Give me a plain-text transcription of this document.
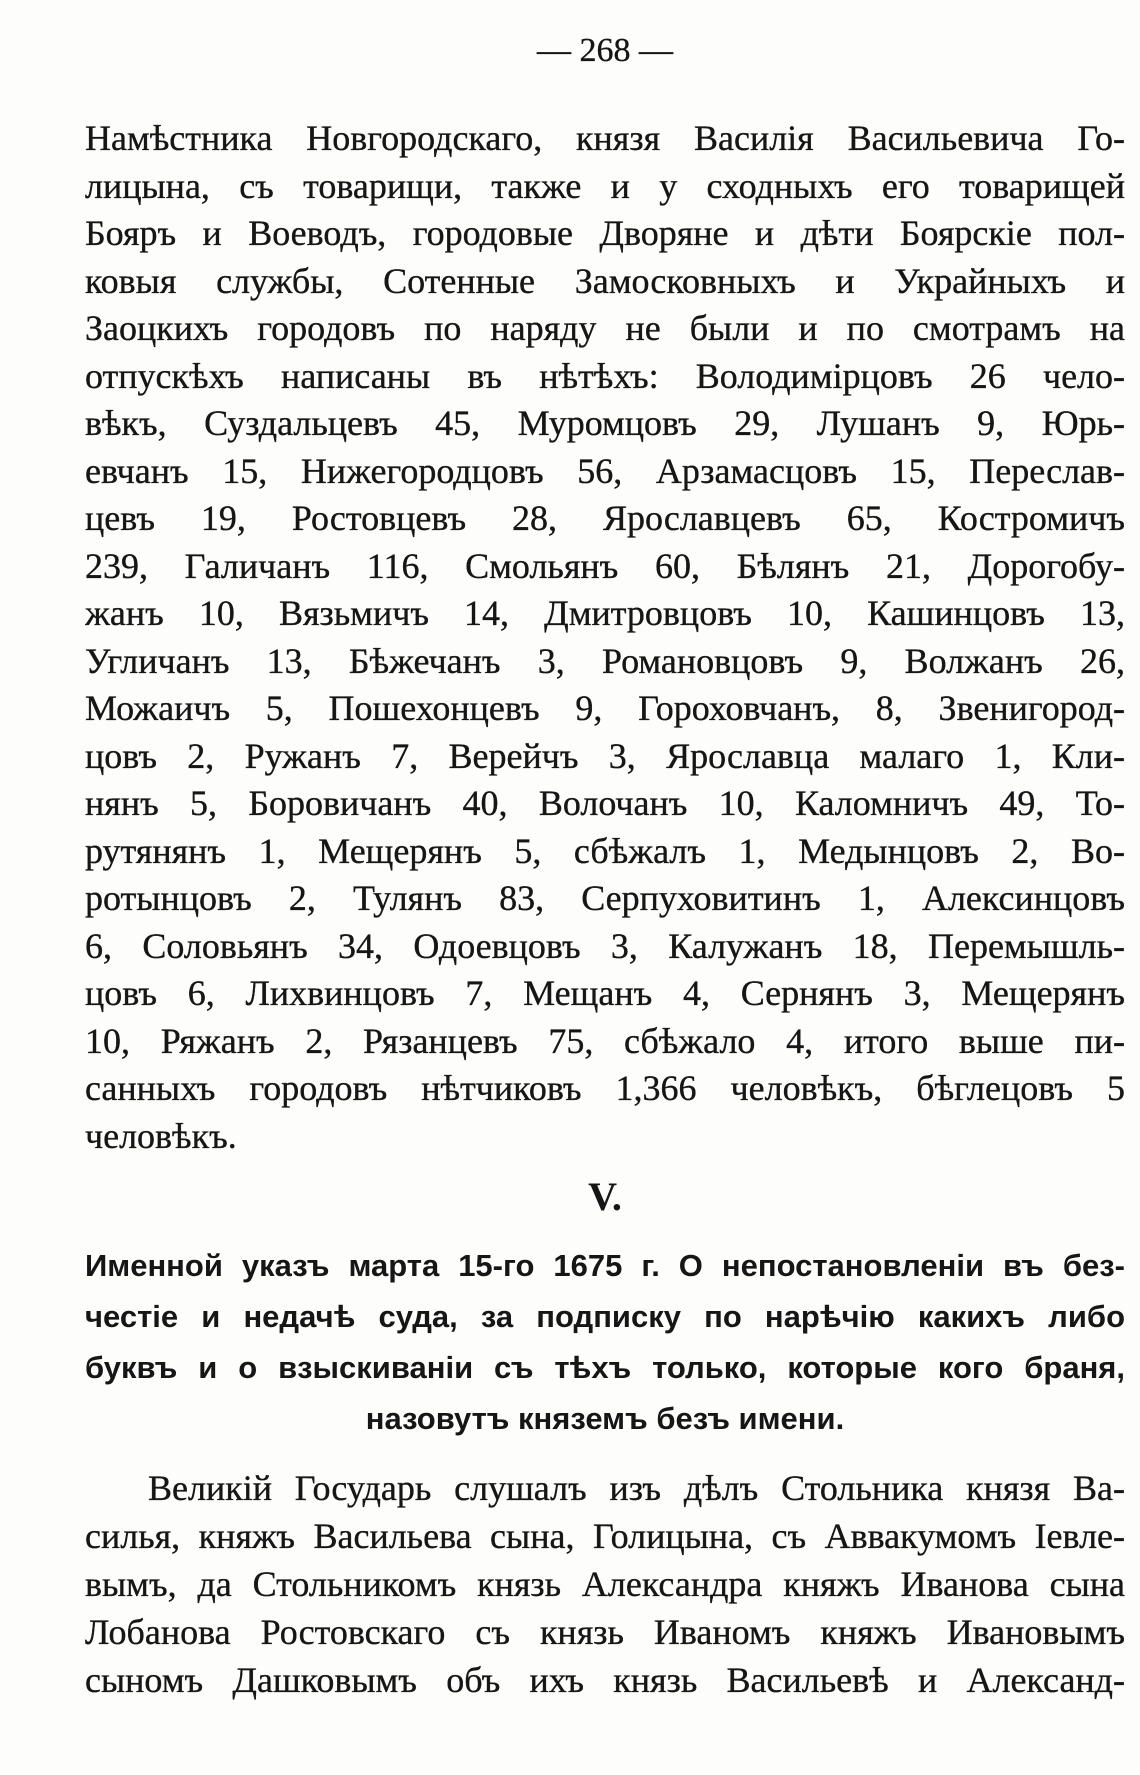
— 268 —
Намѣстника Новгородскаго, князя Василія Васильевича Го-
лицына, съ товарищи, также и у сходныхъ его товарищей
Бояръ и Воеводъ, городовые Дворяне и дѣти Боярскіе пол-
ковыя службы, Сотенные Замосковныхъ и Украйныхъ и
Заоцкихъ городовъ по наряду не были и по смотрамъ на
отпускѣхъ написаны въ нѣтѣхъ: Володимірцовъ 26 чело-
вѣкъ, Суздальцевъ 45, Муромцовъ 29, Лушанъ 9, Юрь-
евчанъ 15, Нижегородцовъ 56, Арзамасцовъ 15, Переслав-
цевъ 19, Ростовцевъ 28, Ярославцевъ 65, Костромичъ
239, Галичанъ 116, Смольянъ 60, Бѣлянъ 21, Дорогобу-
жанъ 10, Вязьмичъ 14, Дмитровцовъ 10, Кашинцовъ 13,
Угличанъ 13, Бѣжечанъ 3, Романовцовъ 9, Волжанъ 26,
Можаичъ 5, Пошехонцевъ 9, Гороховчанъ, 8, Звенигород-
цовъ 2, Ружанъ 7, Верейчъ 3, Ярославца малаго 1, Кли-
нянъ 5, Боровичанъ 40, Волочанъ 10, Каломничъ 49, То-
рутянянъ 1, Мещерянъ 5, сбѣжалъ 1, Медынцовъ 2, Во-
ротынцовъ 2, Тулянъ 83, Серпуховитинъ 1, Алексинцовъ
6, Соловьянъ 34, Одоевцовъ 3, Калужанъ 18, Перемышль-
цовъ 6, Лихвинцовъ 7, Мещанъ 4, Сернянъ 3, Мещерянъ
10, Ряжанъ 2, Рязанцевъ 75, сбѣжало 4, итого выше пи-
санныхъ городовъ нѣтчиковъ 1,366 человѣкъ, бѣглецовъ 5
человѣкъ.
V.
Именной указъ марта 15-го 1675 г. О непостановленіи въ без-
честіе и недачѣ суда, за подписку по нарѣчію какихъ либо
буквъ и о взыскиваніи съ тѣхъ только, которые кого браня,
назовутъ княземъ безъ имени.
Великій Государь слушалъ изъ дѣлъ Стольника князя Ва-
силья, княжъ Васильева сына, Голицына, съ Аввакумомъ Іевле-
вымъ, да Стольникомъ князь Александра княжъ Иванова сына
Лобанова Ростовскаго съ князь Иваномъ княжъ Ивановымъ
сыномъ Дашковымъ объ ихъ князь Васильевѣ и Александ-
